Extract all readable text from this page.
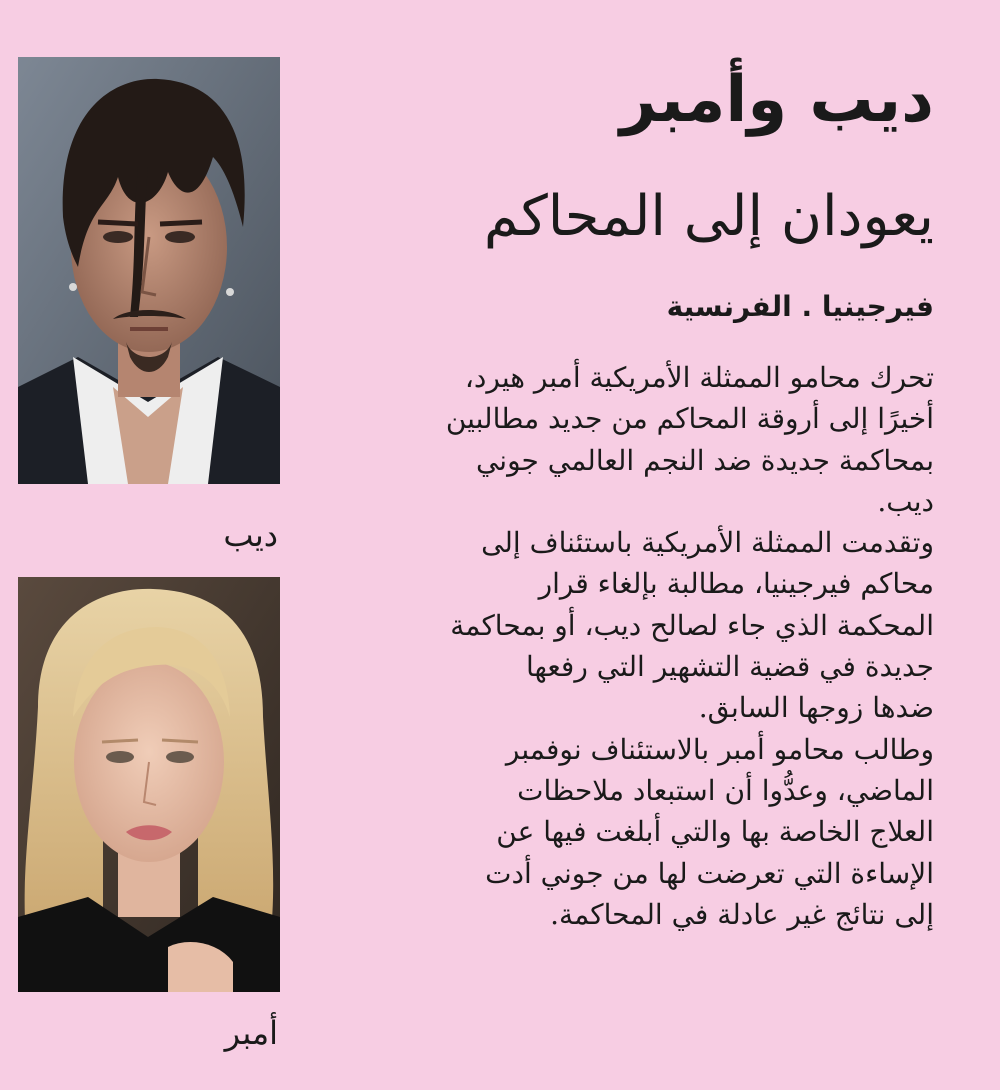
ديب
أمبر
ديب وأمبر
يعودان إلى المحاكم
فيرجينيا . الفرنسية
تحرك محامو الممثلة الأمريكية أمبر هيرد،
أخيرًا إلى أروقة المحاكم من جديد مطالبين
بمحاكمة جديدة ضد النجم العالمي جوني
ديب.
وتقدمت الممثلة الأمريكية باستئناف إلى
محاكم فيرجينيا، مطالبة بإلغاء قرار
المحكمة الذي جاء لصالح ديب، أو بمحاكمة
جديدة في قضية التشهير التي رفعها
ضدها زوجها السابق.
وطالب محامو أمبر بالاستئناف نوفمبر
الماضي، وعدُّوا أن استبعاد ملاحظات
العلاج الخاصة بها والتي أبلغت فيها عن
الإساءة التي تعرضت لها من جوني أدت
إلى نتائج غير عادلة في المحاكمة.
